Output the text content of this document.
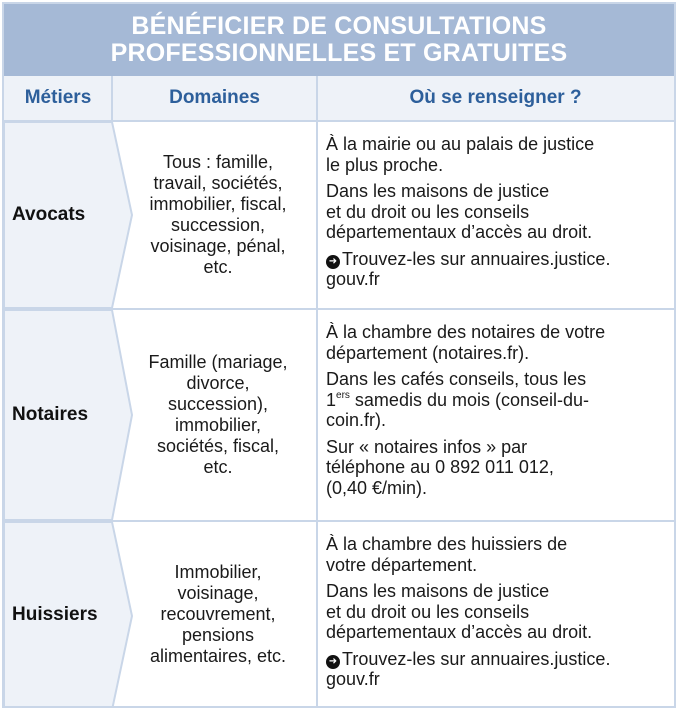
BÉNÉFICIER DE CONSULTATIONS
PROFESSIONNELLES ET GRATUITES
Métiers	Domaines	Où se renseigner ?
Avocats
Tous : famille,
travail, sociétés,
immobilier, fiscal,
succession,
voisinage, pénal,
etc.

À la mairie ou au palais de justice
le plus proche.

Dans les maisons de justice
et du droit ou les conseils
départementaux d’accès au droit.

➜ Trouvez-les sur annuaires.justice.
gouv.fr

Notaires
Famille (mariage,
divorce,
succession),
immobilier,
sociétés, fiscal,
etc.

À la chambre des notaires de votre
département (notaires.fr).

Dans les cafés conseils, tous les
1ers samedis du mois (conseil-du-
coin.fr).

Sur « notaires infos » par
téléphone au 0 892 011 012,
(0,40 €/min).

Huissiers
Immobilier,
voisinage,
recouvrement,
pensions
alimentaires, etc.

À la chambre des huissiers de
votre département.

Dans les maisons de justice
et du droit ou les conseils
départementaux d’accès au droit.

➜ Trouvez-les sur annuaires.justice.
gouv.fr
